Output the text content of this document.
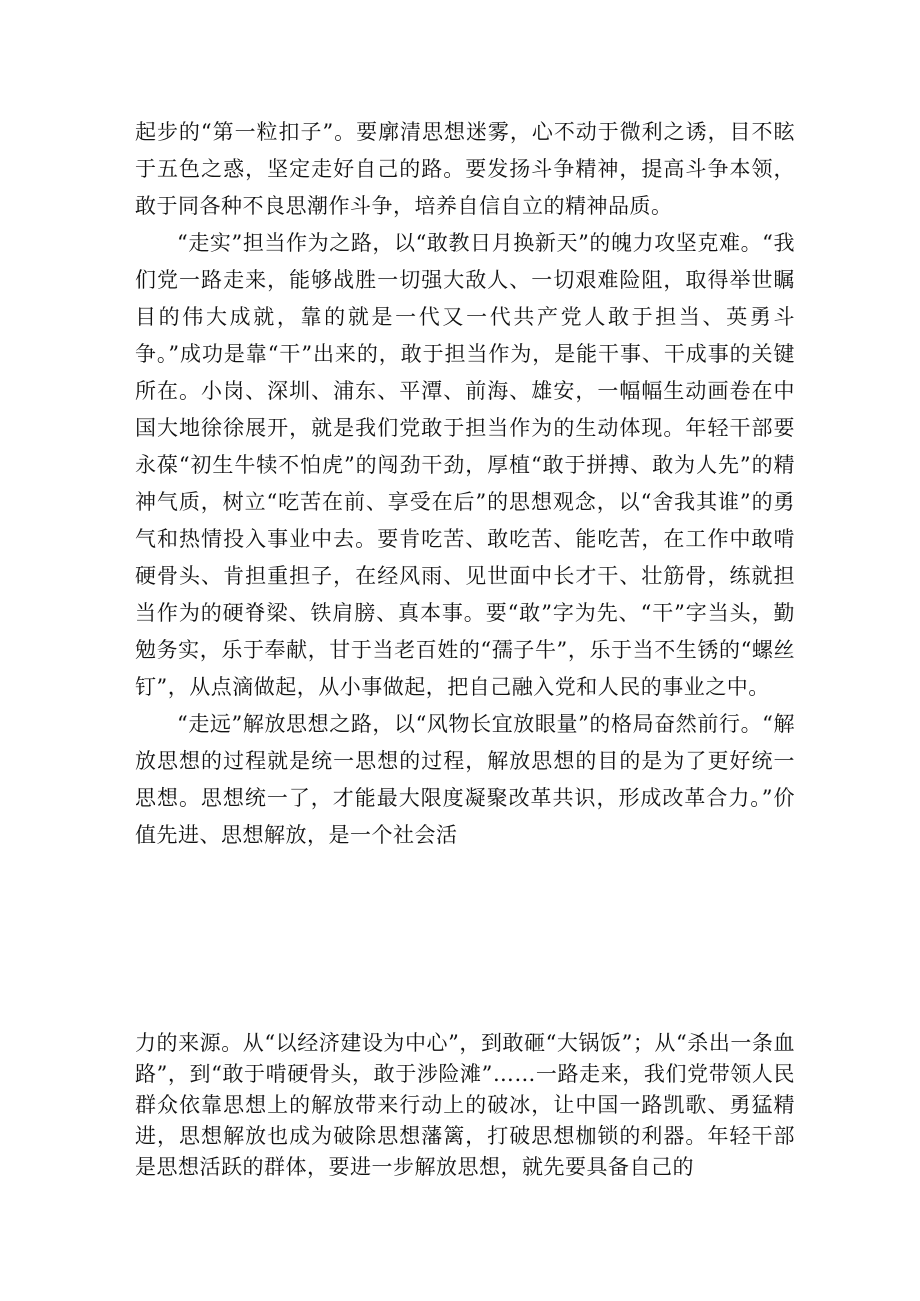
起步的“第一粒扣子”。要廓清思想迷雾，心不动于微利之诱，目不眩于五色之惑，坚定走好自己的路。要发扬斗争精神，提高斗争本领，敢于同各种不良思潮作斗争，培养自信自立的精神品质。

“走实”担当作为之路，以“敢教日月换新天”的魄力攻坚克难。“我们党一路走来，能够战胜一切强大敌人、一切艰难险阻，取得举世瞩目的伟大成就，靠的就是一代又一代共产党人敢于担当、英勇斗争。”成功是靠“干”出来的，敢于担当作为，是能干事、干成事的关键所在。小岗、深圳、浦东、平潭、前海、雄安，一幅幅生动画卷在中国大地徐徐展开，就是我们党敢于担当作为的生动体现。年轻干部要永葆“初生牛犊不怕虎”的闯劲干劲，厚植“敢于拼搏、敢为人先”的精神气质，树立“吃苦在前、享受在后”的思想观念，以“舍我其谁”的勇气和热情投入事业中去。要肯吃苦、敢吃苦、能吃苦，在工作中敢啃硬骨头、肯担重担子，在经风雨、见世面中长才干、壮筋骨，练就担当作为的硬脊梁、铁肩膀、真本事。要“敢”字为先、“干”字当头，勤勉务实，乐于奉献，甘于当老百姓的“孺子牛”，乐于当不生锈的“螺丝钉”，从点滴做起，从小事做起，把自己融入党和人民的事业之中。

“走远”解放思想之路，以“风物长宜放眼量”的格局奋然前行。“解放思想的过程就是统一思想的过程，解放思想的目的是为了更好统一思想。思想统一了，才能最大限度凝聚改革共识，形成改革合力。”价值先进、思想解放，是一个社会活

力的来源。从“以经济建设为中心”，到敢砸“大锅饭”；从“杀出一条血路”，到“敢于啃硬骨头，敢于涉险滩”……一路走来，我们党带领人民群众依靠思想上的解放带来行动上的破冰，让中国一路凯歌、勇猛精进，思想解放也成为破除思想藩篱，打破思想枷锁的利器。年轻干部是思想活跃的群体，要进一步解放思想，就先要具备自己的
